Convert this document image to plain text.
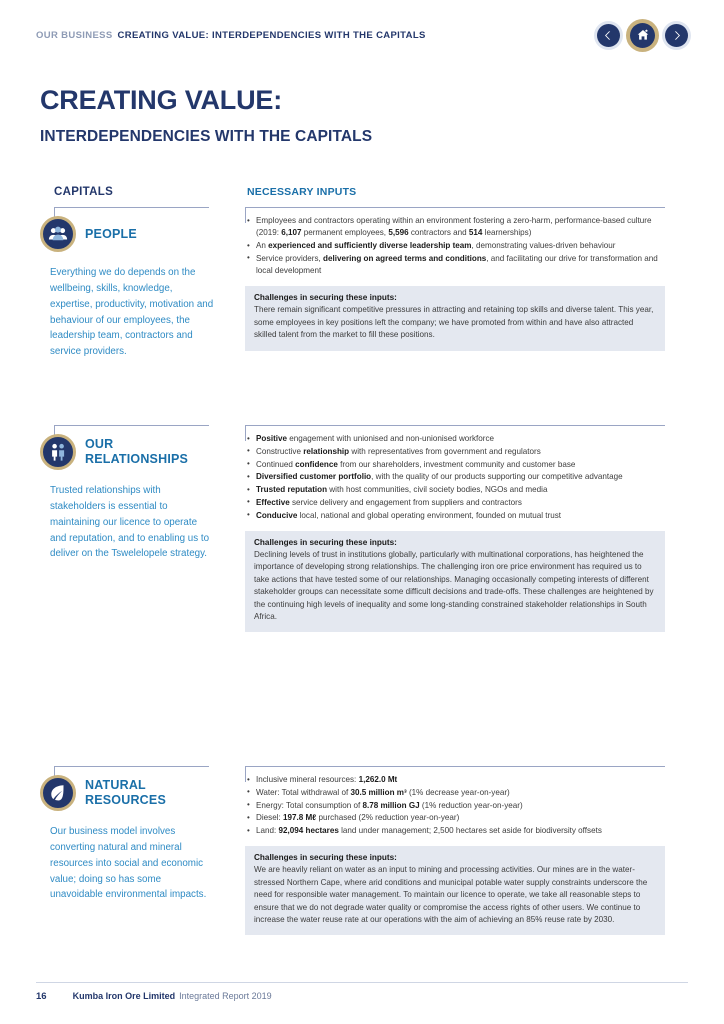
OUR BUSINESS CREATING VALUE: INTERDEPENDENCIES WITH THE CAPITALS
CREATING VALUE:
INTERDEPENDENCIES WITH THE CAPITALS
CAPITALS	NECESSARY INPUTS
PEOPLE
Everything we do depends on the wellbeing, skills, knowledge, expertise, productivity, motivation and behaviour of our employees, the leadership team, contractors and service providers.
• Employees and contractors operating within an environment fostering a zero-harm, performance-based culture (2019: 6,107 permanent employees, 5,596 contractors and 514 learnerships)
• An experienced and sufficiently diverse leadership team, demonstrating values-driven behaviour
• Service providers, delivering on agreed terms and conditions, and facilitating our drive for transformation and local development
Challenges in securing these inputs:
There remain significant competitive pressures in attracting and retaining top skills and diverse talent. This year, some employees in key positions left the company; we have promoted from within and have also attracted skilled talent from the market to fill these positions.
OUR
RELATIONSHIPS
Trusted relationships with stakeholders is essential to maintaining our licence to operate and reputation, and to enabling us to deliver on the Tswelelopele strategy.
• Positive engagement with unionised and non-unionised workforce
• Constructive relationship with representatives from government and regulators
• Continued confidence from our shareholders, investment community and customer base
• Diversified customer portfolio, with the quality of our products supporting our competitive advantage
• Trusted reputation with host communities, civil society bodies, NGOs and media
• Effective service delivery and engagement from suppliers and contractors
• Conducive local, national and global operating environment, founded on mutual trust
Challenges in securing these inputs:
Declining levels of trust in institutions globally, particularly with multinational corporations, has heightened the importance of developing strong relationships. The challenging iron ore price environment has required us to take actions that have tested some of our relationships. Managing occasionally competing interests of different stakeholder groups can necessitate some difficult decisions and trade-offs. These challenges are heightened by the continuing high levels of inequality and some long-standing constrained stakeholder relationships in South Africa.
NATURAL
RESOURCES
Our business model involves converting natural and mineral resources into social and economic value; doing so has some unavoidable environmental impacts.
• Inclusive mineral resources: 1,262.0 Mt
• Water: Total withdrawal of 30.5 million m³ (1% decrease year-on-year)
• Energy: Total consumption of 8.78 million GJ (1% reduction year-on-year)
• Diesel: 197.8 Mℓ purchased (2% reduction year-on-year)
• Land: 92,094 hectares land under management; 2,500 hectares set aside for biodiversity offsets
Challenges in securing these inputs:
We are heavily reliant on water as an input to mining and processing activities. Our mines are in the water-stressed Northern Cape, where arid conditions and municipal potable water supply constraints underscore the need for responsible water management. To maintain our licence to operate, we take all reasonable steps to ensure that we do not degrade water quality or compromise the access rights of other users. We continue to increase the water reuse rate at our operations with the aim of achieving an 85% reuse rate by 2030.
16	Kumba Iron Ore Limited Integrated Report 2019
